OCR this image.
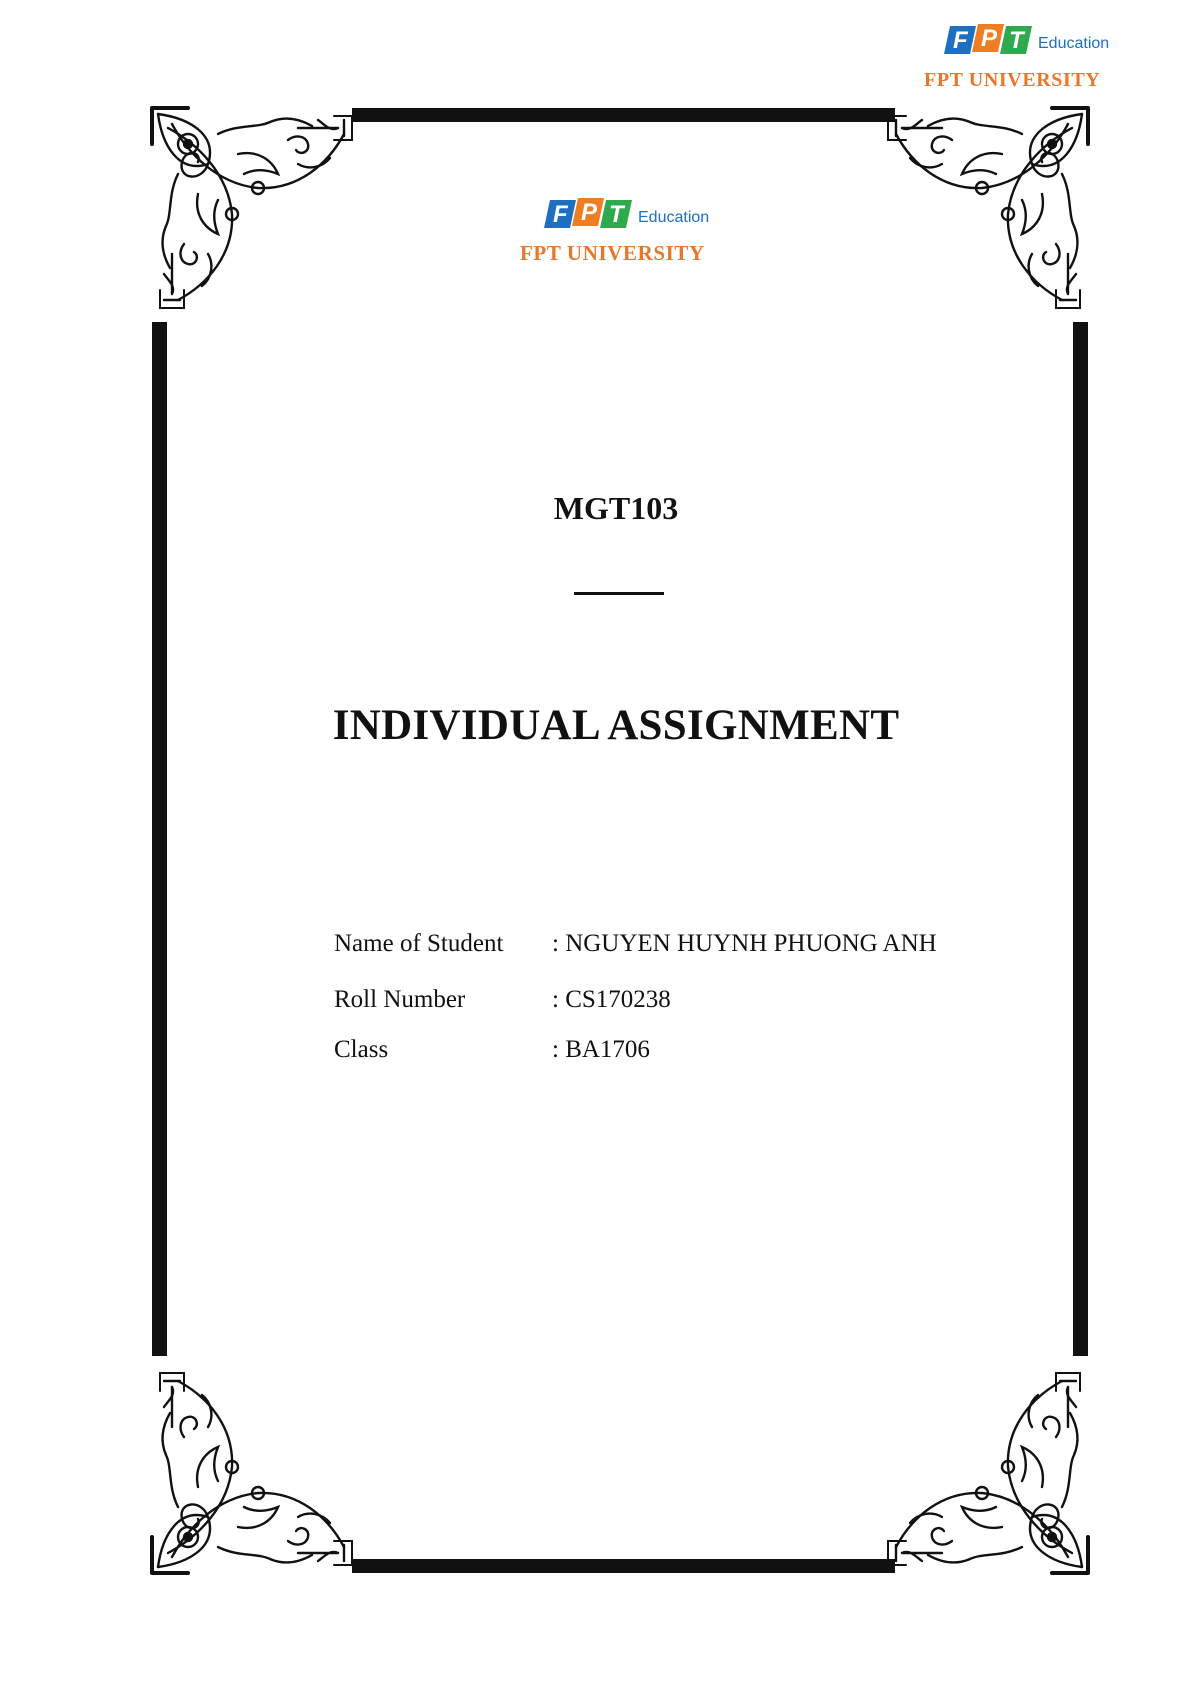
F P T Education
FPT UNIVERSITY
F P T Education
FPT UNIVERSITY
MGT103
INDIVIDUAL ASSIGNMENT
Name of Student : NGUYEN HUYNH PHUONG ANH
Roll Number	: CS170238
Class	: BA1706
